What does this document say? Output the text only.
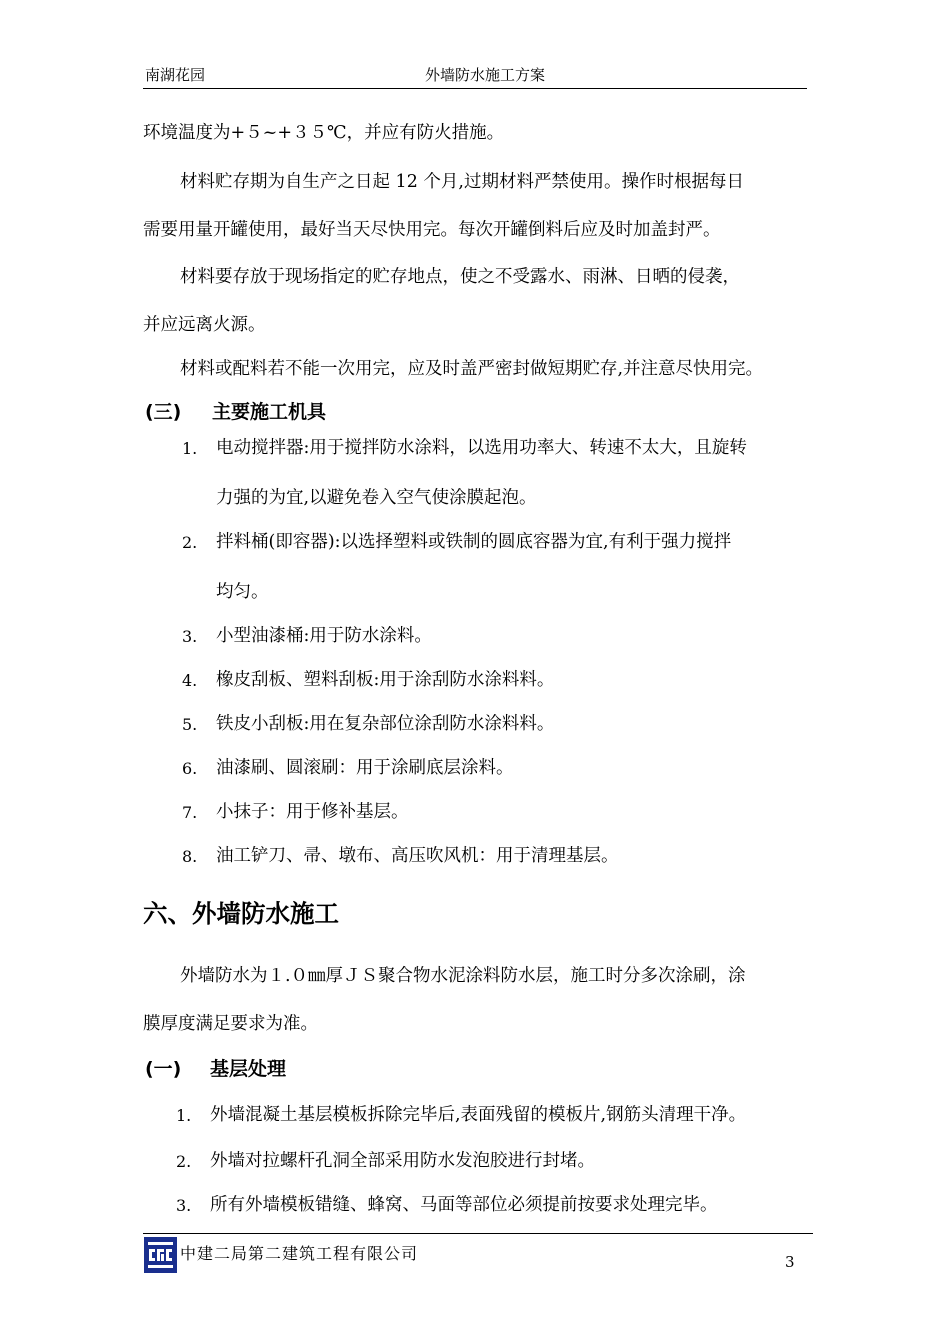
南湖花园	外墙防水施工方案
环境温度为+５~+３５℃，并应有防火措施。
材料贮存期为自生产之日起 12 个月,过期材料严禁使用。操作时根据每日
需要用量开罐使用，最好当天尽快用完。每次开罐倒料后应及时加盖封严。
材料要存放于现场指定的贮存地点，使之不受露水、雨淋、日晒的侵袭，
并应远离火源。
材料或配料若不能一次用完，应及时盖严密封做短期贮存,并注意尽快用完。
(三) 主要施工机具
1. 电动搅拌器:用于搅拌防水涂料，以选用功率大、转速不太大，且旋转
力强的为宜,以避免卷入空气使涂膜起泡。
2. 拌料桶(即容器):以选择塑料或铁制的圆底容器为宜,有利于强力搅拌
均匀。
3. 小型油漆桶:用于防水涂料。
4. 橡皮刮板、塑料刮板:用于涂刮防水涂料料。
5. 铁皮小刮板:用在复杂部位涂刮防水涂料料。
6. 油漆刷、圆滚刷：用于涂刷底层涂料。
7. 小抹子：用于修补基层。
8. 油工铲刀、帚、墩布、高压吹风机：用于清理基层。
六、外墙防水施工
外墙防水为１.０㎜厚ＪＳ聚合物水泥涂料防水层，施工时分多次涂刷，涂
膜厚度满足要求为准。
(一) 基层处理
1. 外墙混凝土基层模板拆除完毕后,表面残留的模板片,钢筋头清理干净。
2. 外墙对拉螺杆孔洞全部采用防水发泡胶进行封堵。
3. 所有外墙模板错缝、蜂窝、马面等部位必须提前按要求处理完毕。
中建二局第二建筑工程有限公司	3
